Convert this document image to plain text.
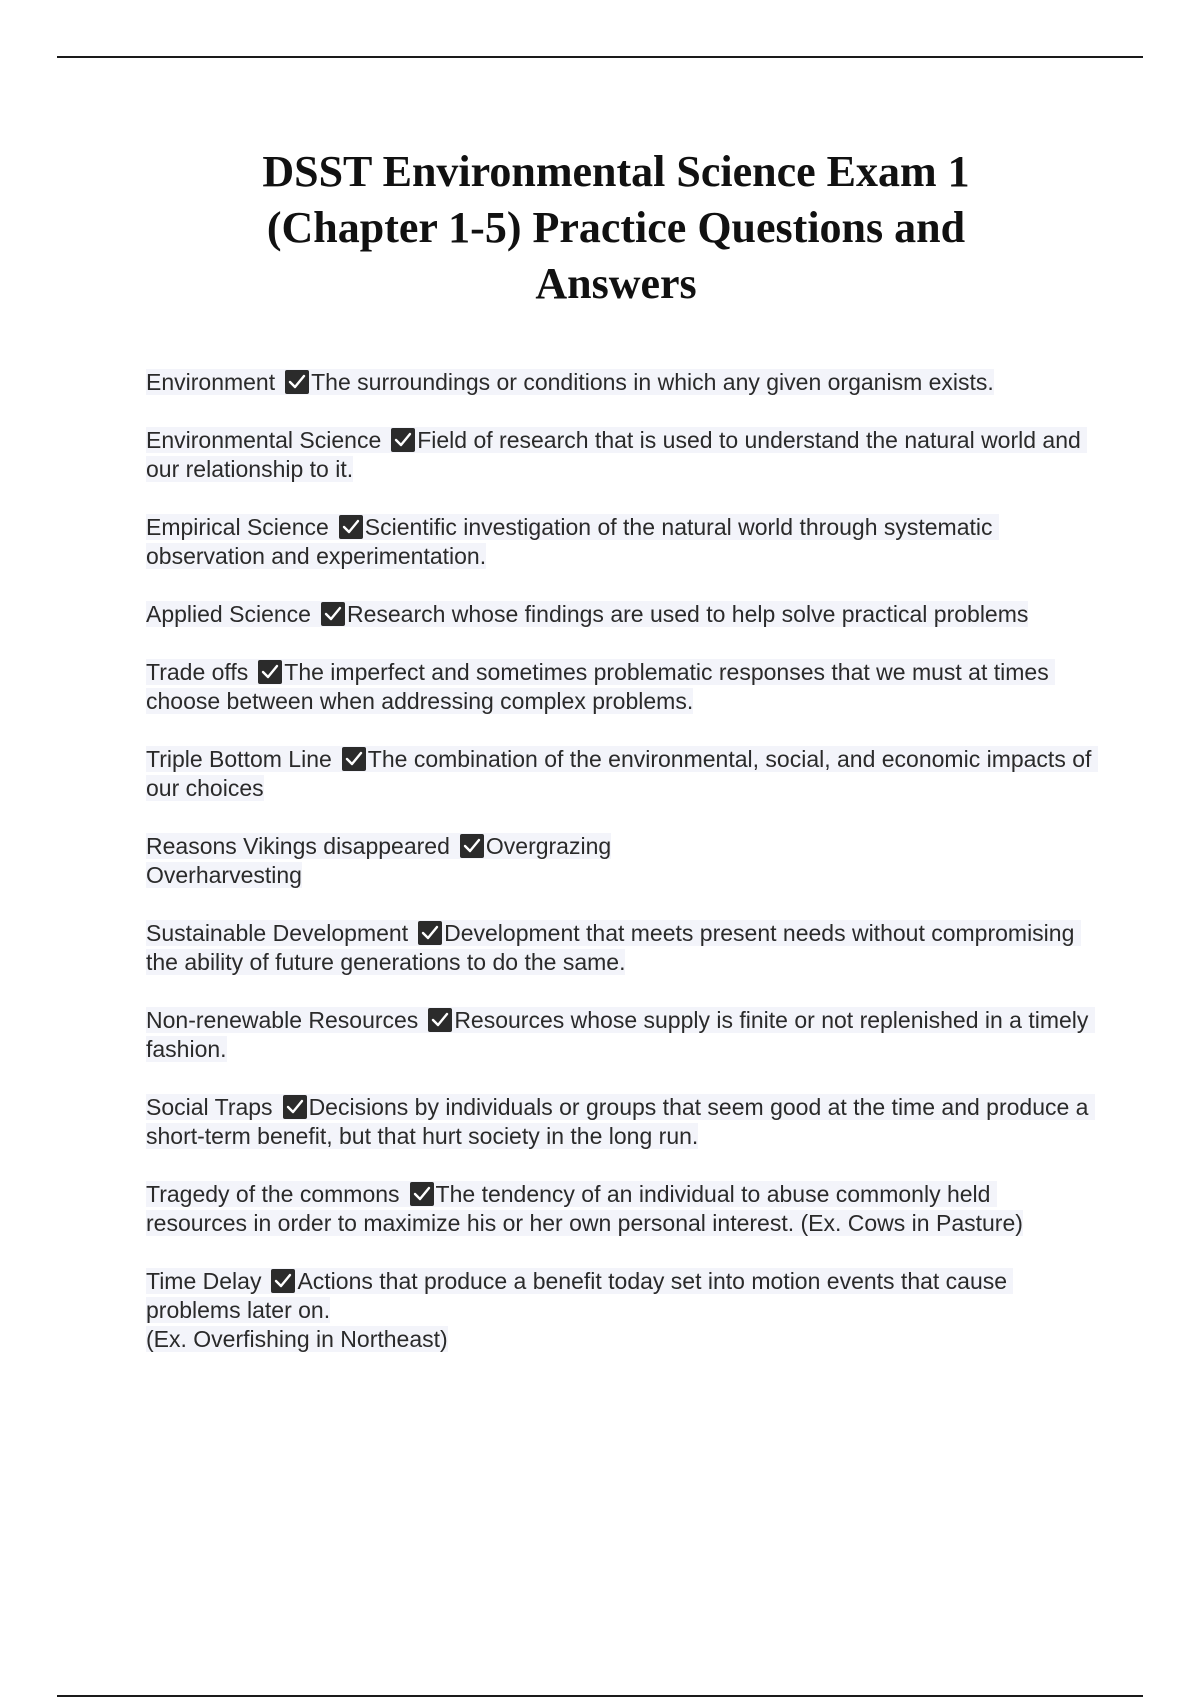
DSST Environmental Science Exam 1 (Chapter 1-5) Practice Questions and Answers

Environment The surroundings or conditions in which any given organism exists.

Environmental Science Field of research that is used to understand the natural world and our relationship to it.

Empirical Science Scientific investigation of the natural world through systematic observation and experimentation.

Applied Science Research whose findings are used to help solve practical problems

Trade offs The imperfect and sometimes problematic responses that we must at times choose between when addressing complex problems.

Triple Bottom Line The combination of the environmental, social, and economic impacts of our choices

Reasons Vikings disappeared Overgrazing
Overharvesting

Sustainable Development Development that meets present needs without compromising the ability of future generations to do the same.

Non-renewable Resources Resources whose supply is finite or not replenished in a timely fashion.

Social Traps Decisions by individuals or groups that seem good at the time and produce a short-term benefit, but that hurt society in the long run.

Tragedy of the commons The tendency of an individual to abuse commonly held resources in order to maximize his or her own personal interest. (Ex. Cows in Pasture)

Time Delay Actions that produce a benefit today set into motion events that cause problems later on.
(Ex. Overfishing in Northeast)
